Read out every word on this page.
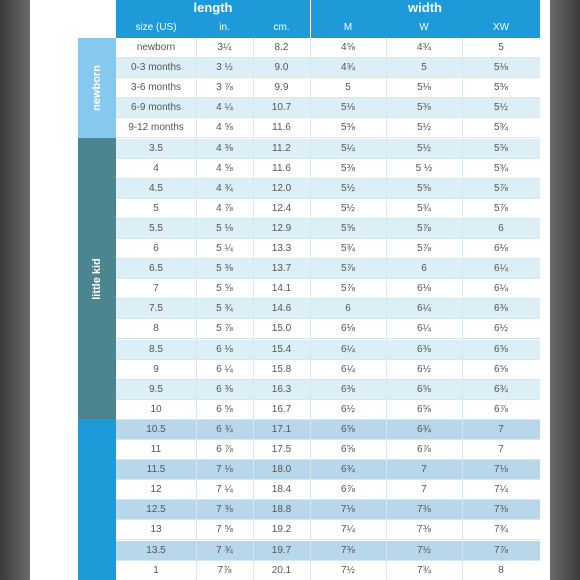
length	width
size (US)	in.	cm.	M	W	XW
newborn
little kid
newborn	3¼	8.2	4⅝	4¾	5
0-3 months	3 ½	9.0	4¾	5	5⅛
3-6 months	3 ⅞	9.9	5	5⅛	5⅜
6-9 months	4 ¼	10.7	5⅛	5⅜	5½
9-12 months	4 ⅝	11.6	5⅜	5½	5¾
3.5	4 ⅜	11.2	5¼	5½	5⅝
4	4 ⅝	11.6	5⅜	5 ½	5¾
4.5	4 ¾	12.0	5½	5⅝	5⅞
5	4 ⅞	12.4	5½	5¾	5⅞
5.5	5 ⅛	12.9	5⅝	5⅞	6
6	5 ¼	13.3	5¾	5⅞	6⅛
6.5	5 ⅜	13.7	5⅞	6	6¼
7	5 ⅝	14.1	5⅞	6⅛	6¼
7.5	5 ¾	14.6	6	6¼	6⅜
8	5 ⅞	15.0	6⅛	6¼	6½
8.5	6 ⅛	15.4	6¼	6⅜	6⅝
9	6 ¼	15.8	6¼	6½	6⅝
9.5	6 ⅜	16.3	6⅜	6⅝	6¾
10	6 ⅝	16.7	6½	6⅝	6⅞
10.5	6 ¾	17.1	6⅝	6¾	7
11	6 ⅞	17.5	6⅝	6⅞	7
11.5	7 ⅛	18.0	6¾	7	7⅛
12	7 ¼	18.4	6⅞	7	7¼
12.5	7 ⅜	18.8	7⅛	7⅜	7⅜
13	7 ⅝	19.2	7¼	7⅜	7¾
13.5	7 ¾	19.7	7⅜	7½	7⅞
1	7⅞	20.1	7½	7¾	8
